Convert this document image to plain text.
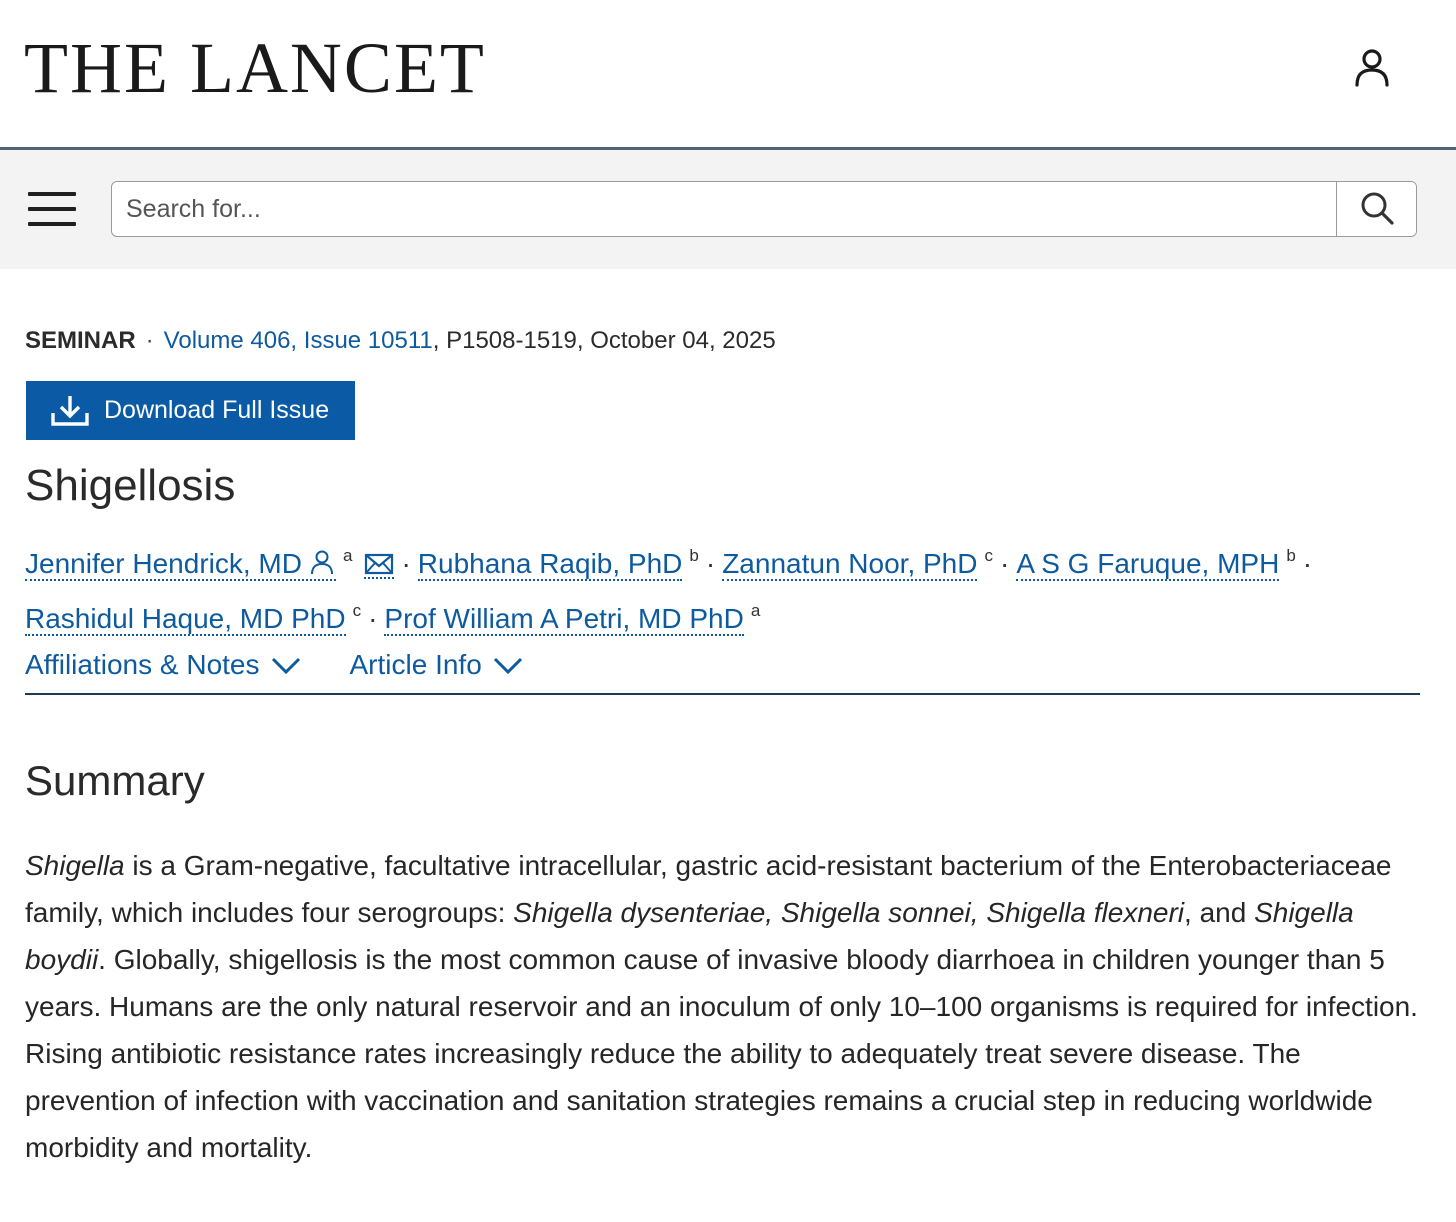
THE LANCET
Search for...
SEMINAR · Volume 406, Issue 10511, P1508-1519, October 04, 2025
Download Full Issue
Shigellosis
Jennifer Hendrick, MD $^a$ · Rubhana Raqib, PhD $^b$ · Zannatun Noor, PhD $^c$ · A S G Faruque, MPH $^b$ ·
Rashidul Haque, MD PhD $^c$ · Prof William A Petri, MD PhD $^a$
Affiliations & Notes	Article Info
Summary

Shigella is a Gram-negative, facultative intracellular, gastric acid-resistant bacterium of the Enterobacteriaceae family, which includes four serogroups: Shigella dysenteriae, Shigella sonnei, Shigella flexneri, and Shigella boydii. Globally, shigellosis is the most common cause of invasive bloody diarrhoea in children younger than 5 years. Humans are the only natural reservoir and an inoculum of only 10–100 organisms is required for infection. Rising antibiotic resistance rates increasingly reduce the ability to adequately treat severe disease. The prevention of infection with vaccination and sanitation strategies remains a crucial step in reducing worldwide morbidity and mortality.
